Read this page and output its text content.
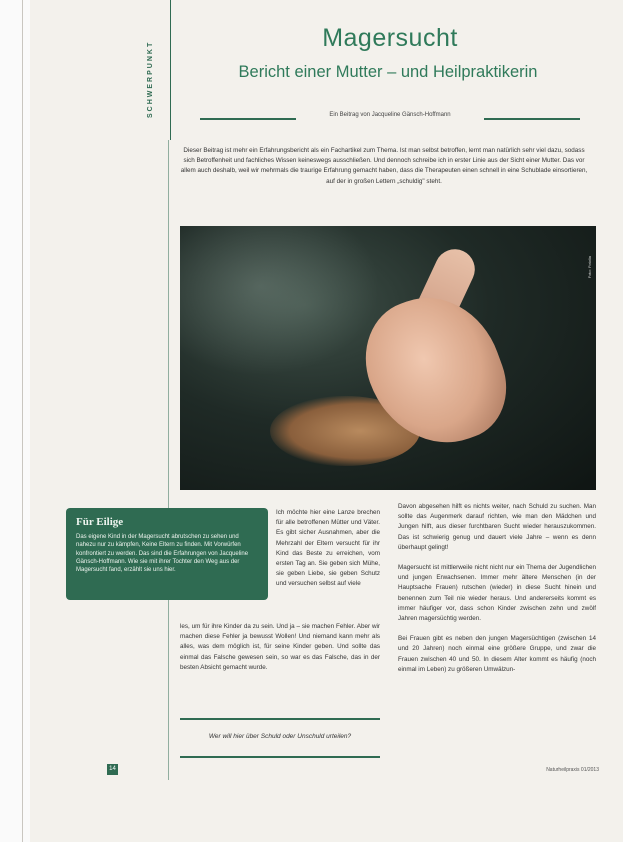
SCHWERPUNKT
Magersucht
Bericht einer Mutter – und Heilpraktikerin
Ein Beitrag von Jacqueline Gänsch-Hoffmann
Dieser Beitrag ist mehr ein Erfahrungsbericht als ein Fachartikel zum Thema. Ist man selbst betroffen, lernt man natürlich sehr viel dazu, sodass sich Betroffenheit und fachliches Wissen keineswegs ausschließen. Und dennoch schreibe ich in erster Linie aus der Sicht einer Mutter. Das vor allem auch deshalb, weil wir mehrmals die traurige Erfahrung gemacht haben, dass die Therapeuten einen schnell in eine Schublade einsortieren, auf der in großen Lettern „schuldig" steht.
Foto: Fotolia
Für Eilige

Das eigene Kind in der Magersucht abrutschen zu sehen und nahezu nur zu kämpfen, Keine Eltern zu finden. Mit Vorwürfen konfrontiert zu werden. Das sind die Erfahrungen von Jacqueline Gänsch-Hoffmann. Wie sie mit ihrer Tochter den Weg aus der Magersucht fand, erzählt sie uns hier.

Ich möchte hier eine Lanze brechen für alle betroffenen Mütter und Väter. Es gibt sicher Ausnahmen, aber die Mehrzahl der Eltern versucht für ihr Kind das Beste zu erreichen, vom ersten Tag an. Sie geben sich Mühe, sie geben Liebe, sie geben Schutz und versuchen selbst auf viele
les, um für ihre Kinder da zu sein. Und ja – sie machen Fehler. Aber wir machen diese Fehler ja bewusst Wollen! Und niemand kann mehr als alles, was dem möglich ist, für seine Kinder geben. Und sollte das einmal das Falsche gewesen sein, so war es das Falsche, das in der besten Absicht gemacht wurde.
Wer will hier über Schuld oder Unschuld urteilen?

Davon abgesehen hilft es nichts weiter, nach Schuld zu suchen. Man sollte das Augenmerk darauf richten, wie man den Mädchen und Jungen hilft, aus dieser furchtbaren Sucht wieder herauszukommen. Das ist schwierig genug und dauert viele Jahre – wenn es denn überhaupt gelingt!

Magersucht ist mittlerweile nicht nicht nur ein Thema der Jugendlichen und jungen Erwachsenen. Immer mehr ältere Menschen (in der Hauptsache Frauen) rutschen (wieder) in diese Sucht hinein und benennen zum Teil nie wieder heraus. Und andererseits kommt es immer häufiger vor, dass schon Kinder zwischen zehn und zwölf Jahren magersüchtig werden.

Bei Frauen gibt es neben den jungen Magersüchtigen (zwischen 14 und 20 Jahren) noch einmal eine größere Gruppe, und zwar die Frauen zwischen 40 und 50. In diesem Alter kommt es häufig (noch einmal im Leben) zu größeren Umwälzun-

14	Naturheilpraxis 01/2013
